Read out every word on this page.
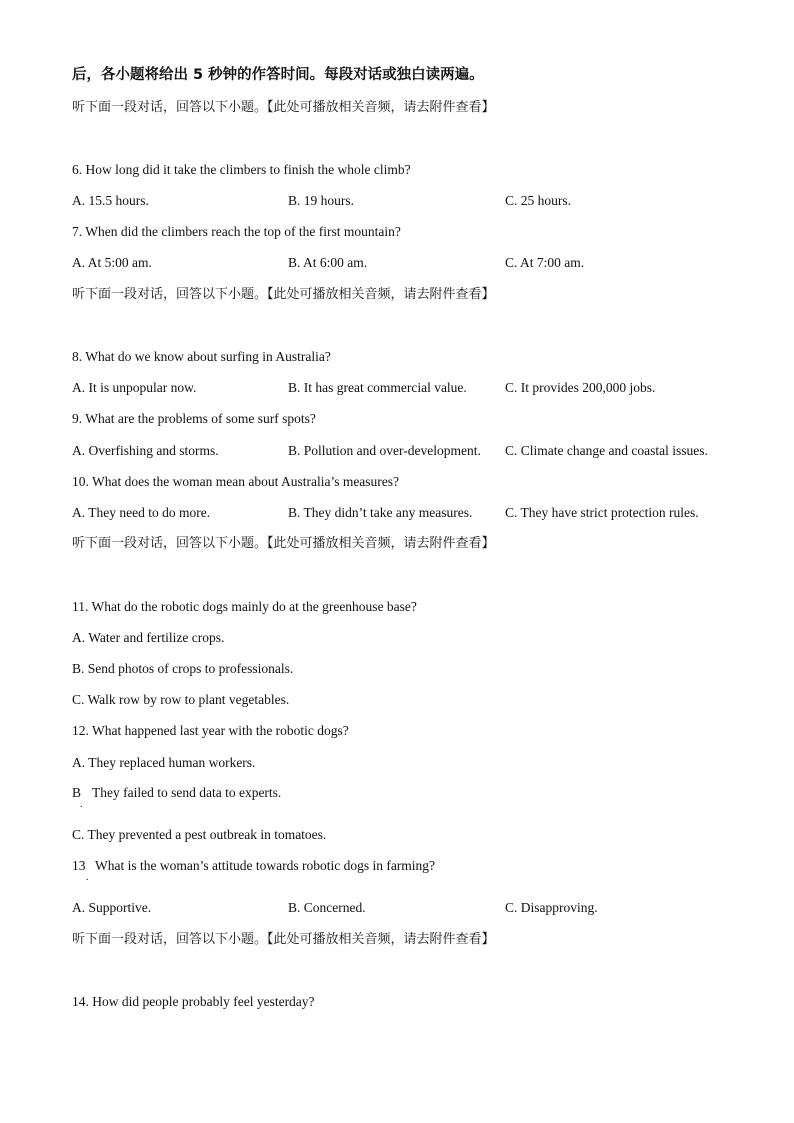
后，各小题将给出 5 秒钟的作答时间。每段对话或独白读两遍。
听下面一段对话，回答以下小题。【此处可播放相关音频，请去附件查看】
6. How long did it take the climbers to finish the whole climb?
A. 15.5 hours.	B. 19 hours.	C. 25 hours.
7. When did the climbers reach the top of the first mountain?
A. At 5:00 am.	B. At 6:00 am.	C. At 7:00 am.
听下面一段对话，回答以下小题。【此处可播放相关音频，请去附件查看】
8. What do we know about surfing in Australia?
A. It is unpopular now.	B. It has great commercial value.	C. It provides 200,000 jobs.
9. What are the problems of some surf spots?
A. Overfishing and storms.	B. Pollution and over-development. C. Climate change and coastal issues.
10. What does the woman mean about Australia’s measures?
A. They need to do more.	B. They didn’t take any measures. C. They have strict protection rules.
听下面一段对话，回答以下小题。【此处可播放相关音频，请去附件查看】
11. What do the robotic dogs mainly do at the greenhouse base?
A. Water and fertilize crops.
B. Send photos of crops to professionals.
C. Walk row by row to plant vegetables.
12. What happened last year with the robotic dogs?
A. They replaced human workers.
B
.
They failed to send data to experts.
C. They prevented a pest outbreak in tomatoes.
13
.
What is the woman’s attitude towards robotic dogs in farming?
A. Supportive.	B. Concerned.	C. Disapproving.
听下面一段对话，回答以下小题。【此处可播放相关音频，请去附件查看】
14. How did people probably feel yesterday?
